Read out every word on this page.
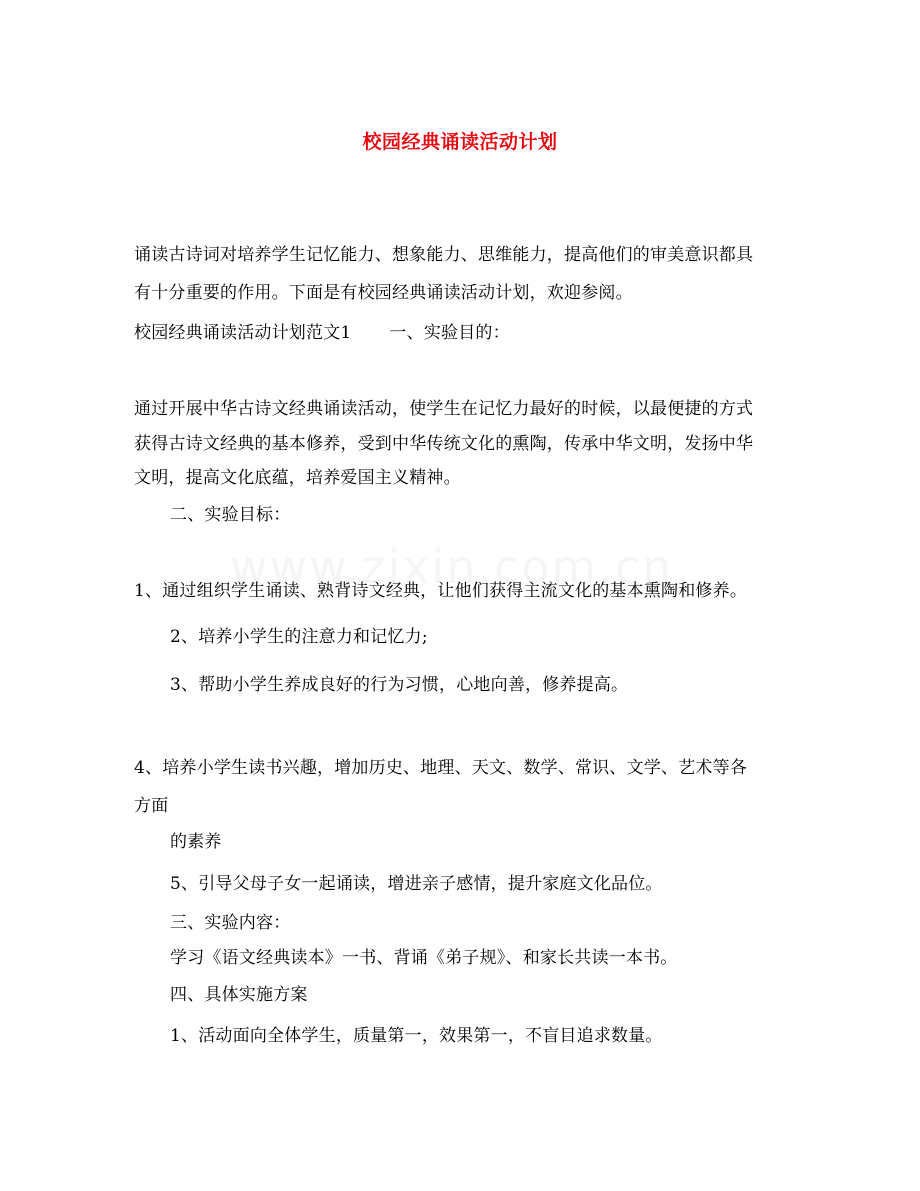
校园经典诵读活动计划
诵读古诗词对培养学生记忆能力、想象能力、思维能力，提高他们的审美意识都具
有十分重要的作用。下面是有校园经典诵读活动计划，欢迎参阅。
校园经典诵读活动计划范文1 一、实验目的：
通过开展中华古诗文经典诵读活动，使学生在记忆力最好的时候，以最便捷的方式
获得古诗文经典的基本修养，受到中华传统文化的熏陶，传承中华文明，发扬中华
文明，提高文化底蕴，培养爱国主义精神。
二、实验目标：
1、通过组织学生诵读、熟背诗文经典，让他们获得主流文化的基本熏陶和修养。
2、培养小学生的注意力和记忆力;
3、帮助小学生养成良好的行为习惯，心地向善，修养提高。
4、培养小学生读书兴趣，增加历史、地理、天文、数学、常识、文学、艺术等各
方面
的素养
5、引导父母子女一起诵读，增进亲子感情，提升家庭文化品位。
三、实验内容：
学习《语文经典读本》一书、背诵《弟子规》、和家长共读一本书。
四、具体实施方案
1、活动面向全体学生，质量第一，效果第一，不盲目追求数量。
